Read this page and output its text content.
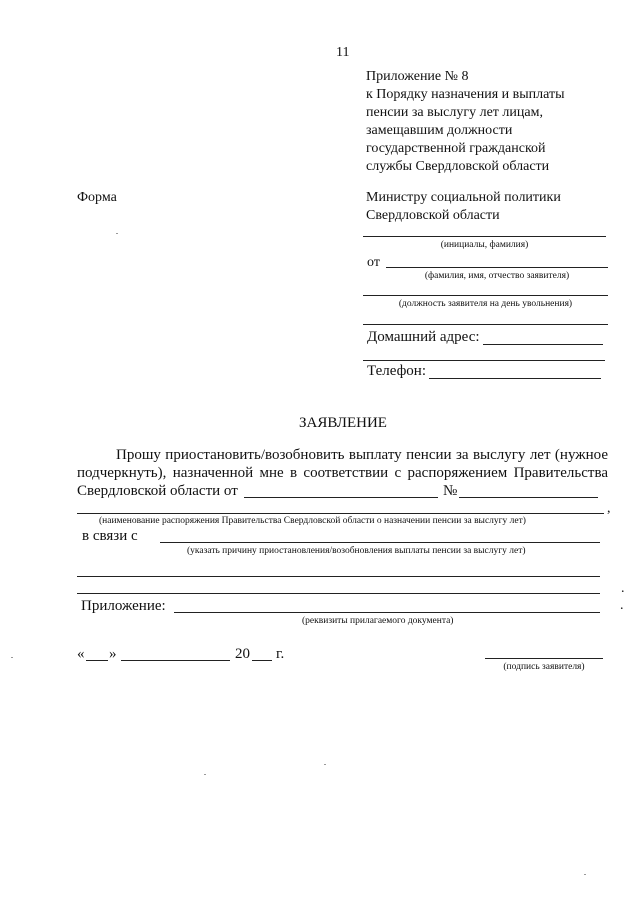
11
Приложение № 8
к Порядку назначения и выплаты
пенсии за выслугу лет лицам,
замещавшим должности
государственной гражданской
службы Свердловской области
Форма	Министру социальной политики
Свердловской области
(инициалы, фамилия)
от
(фамилия, имя, отчество заявителя)
(должность заявителя на день увольнения)
Домашний адрес:
Телефон:
ЗАЯВЛЕНИЕ
Прошу приостановить/возобновить выплату пенсии за выслугу лет (нужное
подчеркнуть), назначенной мне в соответствии с распоряжением Правительства
Свердловской области от	№
,
(наименование распоряжения Правительства Свердловской области о назначении пенсии за выслугу лет)
в связи с
(указать причину приостановления/возобновления выплаты пенсии за выслугу лет)
.
Приложение:	.
(реквизиты прилагаемого документа)
« »	20 г.
(подпись заявителя)
